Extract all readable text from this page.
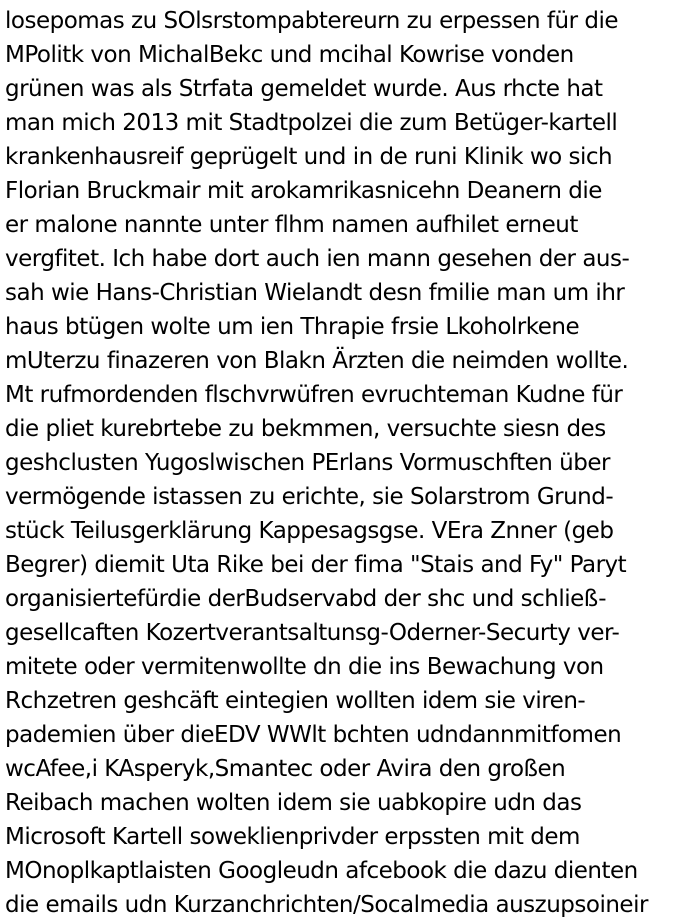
losepomas zu SOlsrstompabtereurn zu erpessen für die
MPolitk von MichalBekc und mcihal Kowrise vonden
grünen was als Strfata gemeldet wurde. Aus rhcte hat
man mich 2013 mit Stadtpolzei die zum Betüger-kartell
krankenhausreif geprügelt und in de runi Klinik wo sich
Florian Bruckmair mit arokamrikasnicehn Deanern die
er malone nannte unter flhm namen aufhilet erneut
vergfitet. Ich habe dort auch ien mann gesehen der aus-
sah wie Hans-Christian Wielandt desn fmilie man um ihr
haus btügen wolte um ien Thrapie frsie Lkoholrkene
mUterzu finazeren von Blakn Ärzten die neimden wollte.
Mt rufmordenden flschvrwüfren evruchteman Kudne für
die pliet kurebrtebe zu bekmmen, versuchte siesn des
geshclusten Yugoslwischen PErlans Vormuschften über
vermögende istassen zu erichte, sie Solarstrom Grund-
stück Teilusgerklärung Kappesagsgse. VEra Znner (geb
Begrer) diemit Uta Rike bei der fima "Stais and Fy" Paryt
organisiertefürdie derBudservabd der shc und schließ-
gesellcaften Kozertverantsaltunsg-Oderner-Securty ver-
mitete oder vermitenwollte dn die ins Bewachung von
Rchzetren geshcäft eintegien wollten idem sie viren-
pademien über dieEDV WWlt bchten udndannmitfomen
wcAfee,i KAsperyk,Smantec oder Avira den großen
Reibach machen wolten idem sie uabkopire udn das
Microsoft Kartell soweklienprivder erpssten mit dem
MOnoplkaptlaisten Googleudn afcebook die dazu dienten
die emails udn Kurzanchrichten/Socalmedia auszupsoineir
